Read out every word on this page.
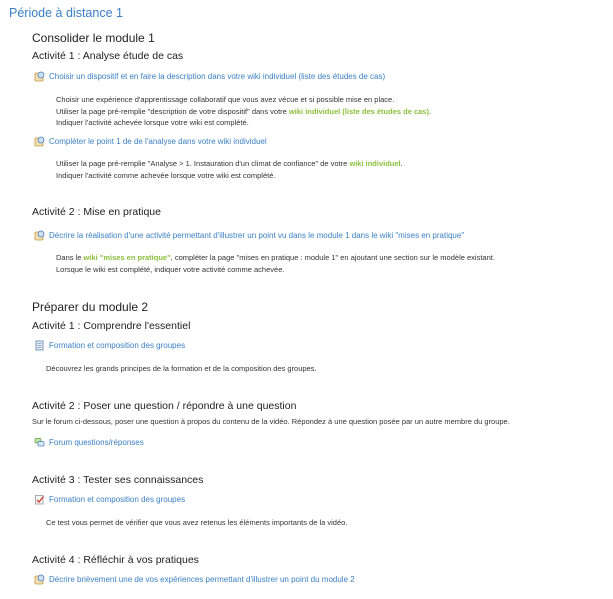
Période à distance 1
Consolider le module 1
Activité 1 : Analyse étude de cas
Choisir un dispositif et en faire la description dans votre wiki individuel (liste des études de cas)
Choisir une expérience d'apprentissage collaboratif que vous avez vécue et si possible mise en place.
Utiliser la page pré-remplie "description de votre dispositif" dans votre wiki individuel (liste des études de cas).
Indiquer l'activité achevée lorsque votre wiki est complété.
Compléter le point 1 de de l'analyse dans votre wiki individuel
Utiliser la page pré-remplie "Analyse > 1. Instauration d'un climat de confiance" de votre wiki individuel.
Indiquer l'activité comme achevée lorsque votre wiki est complété.
Activité 2 : Mise en pratique
Décrire la réalisation d'une activité permettant d'illustrer un point vu dans le module 1 dans le wiki "mises en pratique"
Dans le wiki "mises en pratique", compléter la page "mises en pratique : module 1" en ajoutant une section sur le modèle existant.
Lorsque le wiki est complété, indiquer votre activité comme achevée.
Préparer du module 2
Activité 1 : Comprendre l'essentiel
Formation et composition des groupes
Découvrez les grands principes de la formation et de la composition des groupes.
Activité 2 : Poser une question / répondre à une question
Sur le forum ci-dessous, poser une question à propos du contenu de la vidéo. Répondez à une question posée par un autre membre du groupe.
Forum questions/réponses
Activité 3 : Tester ses connaissances
Formation et composition des groupes
Ce test vous permet de vérifier que vous avez retenus les éléments importants de la vidéo.
Activité 4 : Réfléchir à vos pratiques
Décrire brièvement une de vos expériences permettant d'illustrer un point du module 2
